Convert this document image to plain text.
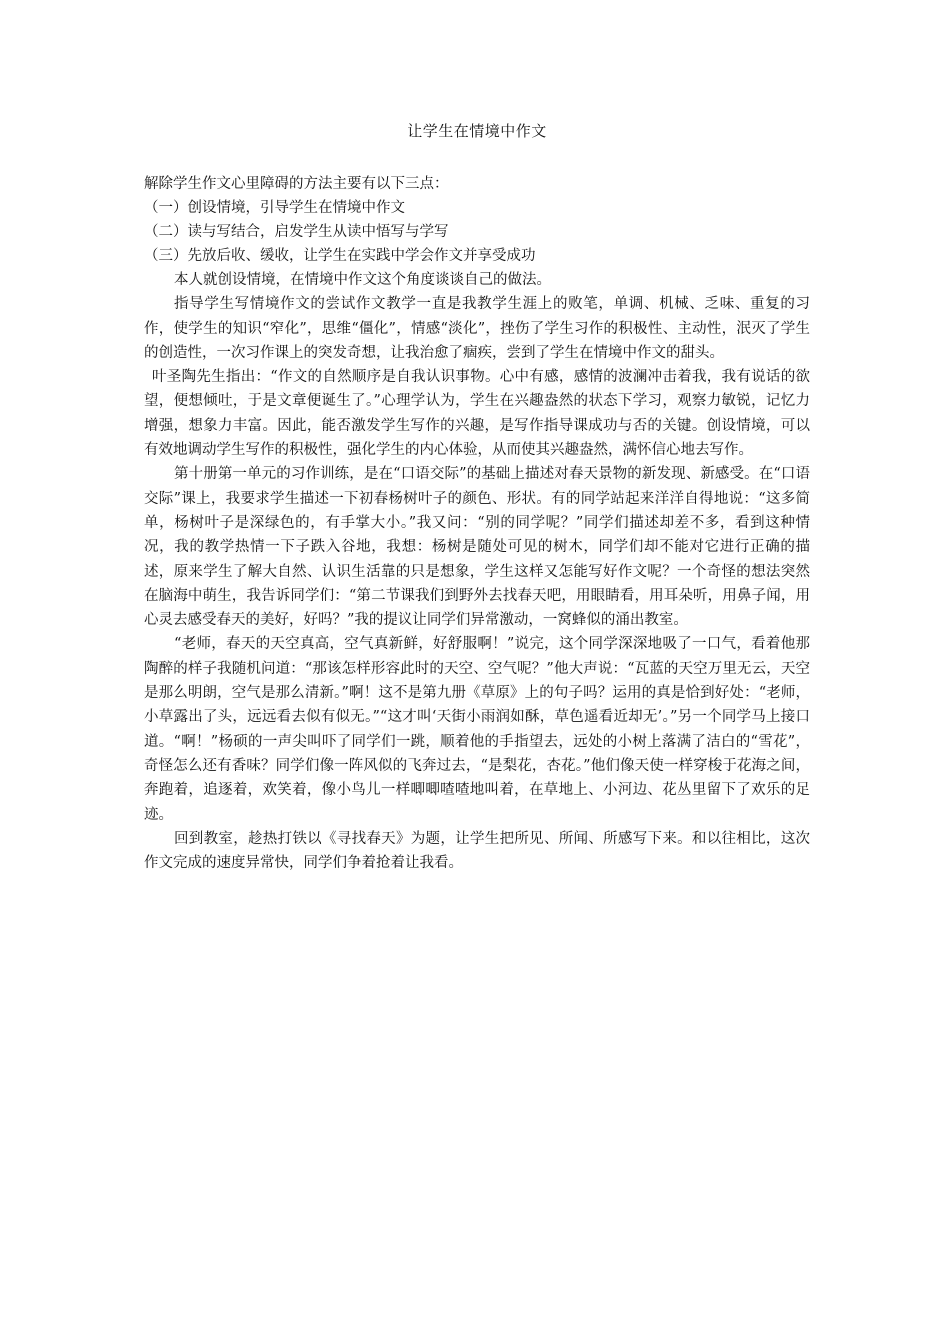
让学生在情境中作文

解除学生作文心里障碍的方法主要有以下三点：

（一）创设情境，引导学生在情境中作文

（二）读与写结合，启发学生从读中悟写与学写

（三）先放后收、缓收，让学生在实践中学会作文并享受成功

本人就创设情境，在情境中作文这个角度谈谈自己的做法。

指导学生写情境作文的尝试作文教学一直是我教学生涯上的败笔，单调、机械、乏味、重复的习作，使学生的知识“窄化”，思维“僵化”，情感“淡化”，挫伤了学生习作的积极性、主动性，泯灭了学生的创造性，一次习作课上的突发奇想，让我治愈了痼疾，尝到了学生在情境中作文的甜头。

叶圣陶先生指出：“作文的自然顺序是自我认识事物。心中有感，感情的波澜冲击着我，我有说话的欲望，便想倾吐，于是文章便诞生了。”心理学认为，学生在兴趣盎然的状态下学习，观察力敏锐，记忆力增强，想象力丰富。因此，能否激发学生写作的兴趣，是写作指导课成功与否的关键。创设情境，可以有效地调动学生写作的积极性，强化学生的内心体验，从而使其兴趣盎然，满怀信心地去写作。

第十册第一单元的习作训练，是在“口语交际”的基础上描述对春天景物的新发现、新感受。在“口语交际”课上，我要求学生描述一下初春杨树叶子的颜色、形状。有的同学站起来洋洋自得地说：“这多简单，杨树叶子是深绿色的，有手掌大小。”我又问：“别的同学呢？”同学们描述却差不多，看到这种情况，我的教学热情一下子跌入谷地，我想：杨树是随处可见的树木，同学们却不能对它进行正确的描述，原来学生了解大自然、认识生活靠的只是想象，学生这样又怎能写好作文呢？一个奇怪的想法突然在脑海中萌生，我告诉同学们：“第二节课我们到野外去找春天吧，用眼睛看，用耳朵听，用鼻子闻，用心灵去感受春天的美好，好吗？”我的提议让同学们异常激动，一窝蜂似的涌出教室。

“老师，春天的天空真高，空气真新鲜，好舒服啊！”说完，这个同学深深地吸了一口气，看着他那陶醉的样子我随机问道：“那该怎样形容此时的天空、空气呢？”他大声说：“瓦蓝的天空万里无云，天空是那么明朗，空气是那么清新。”啊！这不是第九册《草原》上的句子吗？运用的真是恰到好处：“老师，小草露出了头，远远看去似有似无。”“这才叫‘天街小雨润如酥，草色遥看近却无’。”另一个同学马上接口道。“啊！”杨硕的一声尖叫吓了同学们一跳，顺着他的手指望去，远处的小树上落满了洁白的“雪花”，奇怪怎么还有香味？同学们像一阵风似的飞奔过去，“是梨花，杏花。”他们像天使一样穿梭于花海之间，奔跑着，追逐着，欢笑着，像小鸟儿一样唧唧喳喳地叫着，在草地上、小河边、花丛里留下了欢乐的足迹。

回到教室，趁热打铁以《寻找春天》为题，让学生把所见、所闻、所感写下来。和以往相比，这次作文完成的速度异常快，同学们争着抢着让我看。
